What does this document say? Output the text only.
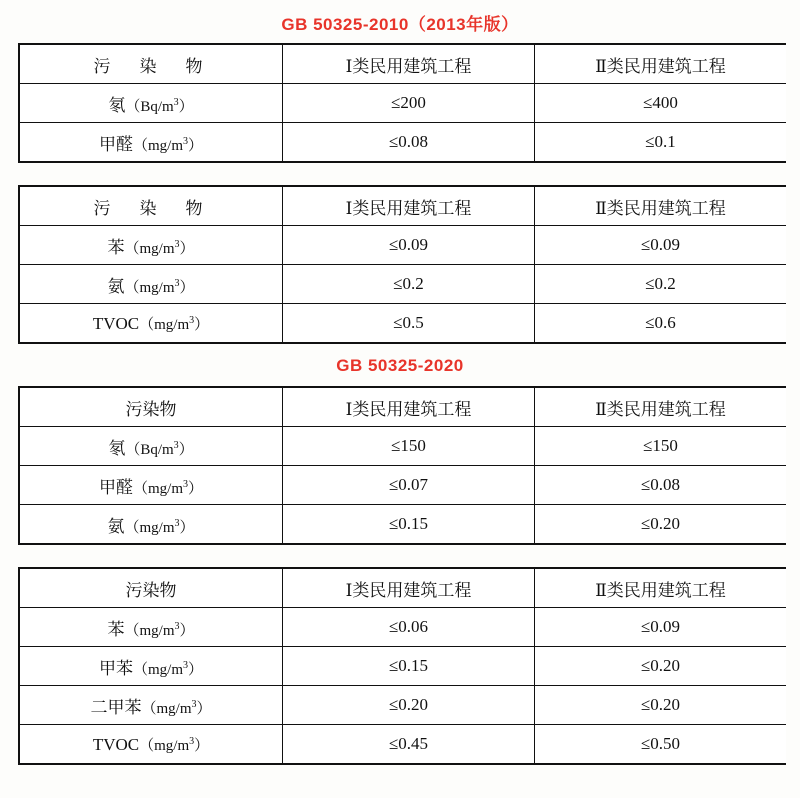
GB 50325-2010（2013年版）
污　染　物	Ⅰ类民用建筑工程	Ⅱ类民用建筑工程
氡$(Bq/m^3)$	≤200	≤400
甲醛$(mg/m^3)$	≤0.08	≤0.1
污　染　物	Ⅰ类民用建筑工程	Ⅱ类民用建筑工程
苯$(mg/m^3)$	≤0.09	≤0.09
氨$(mg/m^3)$	≤0.2	≤0.2
$TVOC(mg/m^3)$	≤0.5	≤0.6
GB 50325-2020
污染物	Ⅰ类民用建筑工程	Ⅱ类民用建筑工程
氡$(Bq/m^3)$	≤150	≤150
甲醛$(mg/m^3)$	≤0.07	≤0.08
氨$(mg/m^3)$	≤0.15	≤0.20
污染物	Ⅰ类民用建筑工程	Ⅱ类民用建筑工程
苯$(mg/m^3)$	≤0.06	≤0.09
甲苯$(mg/m^3)$	≤0.15	≤0.20
二甲苯$(mg/m^3)$	≤0.20	≤0.20
$TVOC(mg/m^3)$	≤0.45	≤0.50
